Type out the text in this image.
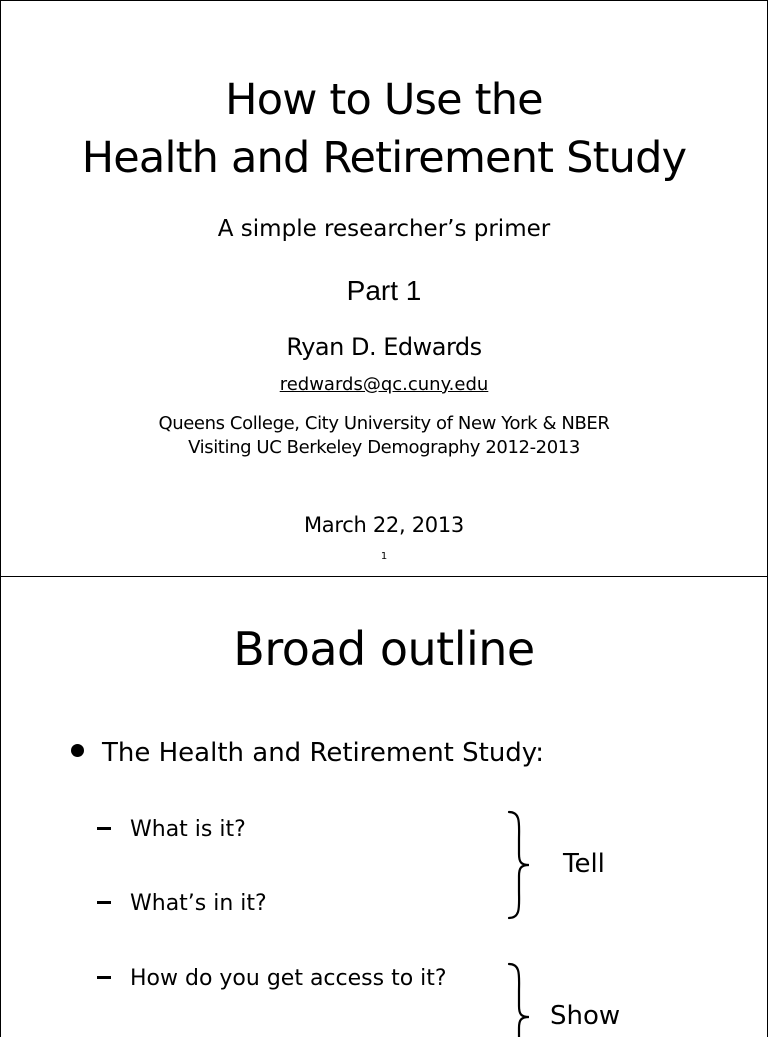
How to Use the
Health and Retirement Study
A simple researcher’s primer
Part 1
Ryan D. Edwards
redwards@qc.cuny.edu
Queens College, City University of New York & NBER
Visiting UC Berkeley Demography 2012-2013
March 22, 2013
1
Broad outline
The Health and Retirement Study:
What is it?
What’s in it?
How do you get access to it?
Tell
Show
